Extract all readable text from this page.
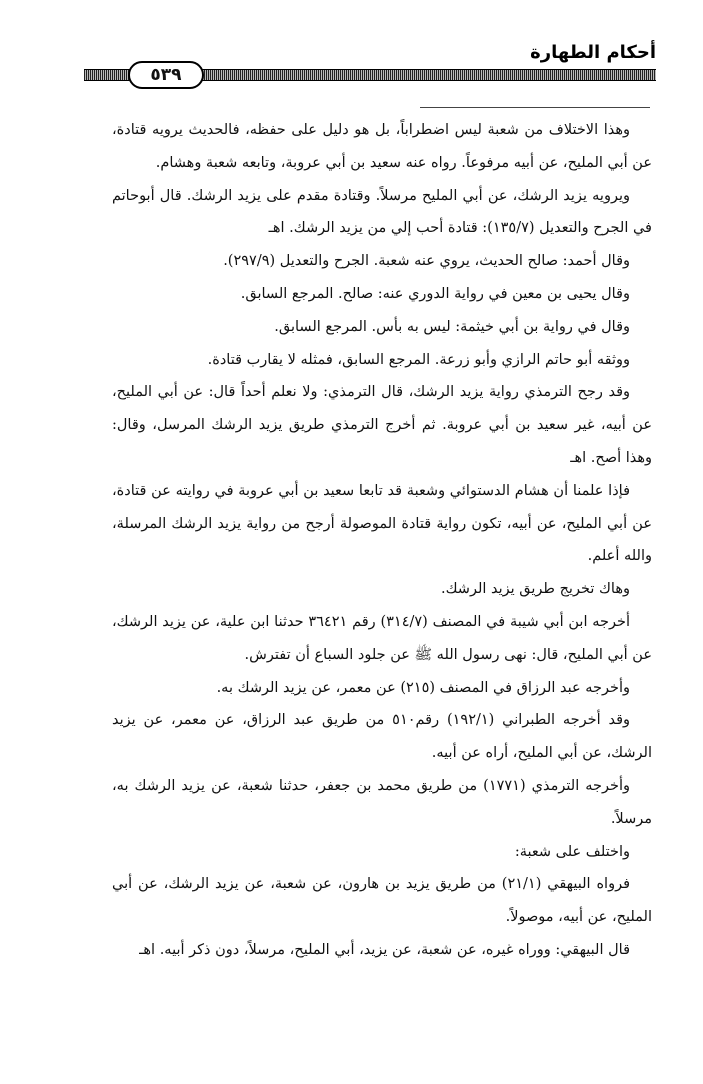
أحكام الطهارة
٥٣٩

وهذا الاختلاف من شعبة ليس اضطراباً، بل هو دليل على حفظه، فالحديث يرويه قتادة، عن أبي المليح، عن أبيه مرفوعاً. رواه عنه سعيد بن أبي عروبة، وتابعه شعبة وهشام.

ويرويه يزيد الرشك، عن أبي المليح مرسلاً. وقتادة مقدم على يزيد الرشك. قال أبوحاتم في الجرح والتعديل (١٣٥/٧): قتادة أحب إلي من يزيد الرشك. اهـ

وقال أحمد: صالح الحديث، يروي عنه شعبة. الجرح والتعديل (٢٩٧/٩).

وقال يحيى بن معين في رواية الدوري عنه: صالح. المرجع السابق.

وقال في رواية بن أبي خيثمة: ليس به بأس. المرجع السابق.

ووثقه أبو حاتم الرازي وأبو زرعة. المرجع السابق، فمثله لا يقارب قتادة.

وقد رجح الترمذي رواية يزيد الرشك، قال الترمذي: ولا نعلم أحداً قال: عن أبي المليح، عن أبيه، غير سعيد بن أبي عروبة. ثم أخرج الترمذي طريق يزيد الرشك المرسل، وقال: وهذا أصح. اهـ

فإذا علمنا أن هشام الدستوائي وشعبة قد تابعا سعيد بن أبي عروبة في روايته عن قتادة، عن أبي المليح، عن أبيه، تكون رواية قتادة الموصولة أرجح من رواية يزيد الرشك المرسلة، والله أعلم.

وهاك تخريج طريق يزيد الرشك.

أخرجه ابن أبي شيبة في المصنف (٣١٤/٧) رقم ٣٦٤٢١ حدثنا ابن علية، عن يزيد الرشك، عن أبي المليح، قال: نهى رسول الله ﷺ عن جلود السباع أن تفترش.

وأخرجه عبد الرزاق في المصنف (٢١٥) عن معمر، عن يزيد الرشك به.

وقد أخرجه الطبراني (١٩٢/١) رقم٥١٠ من طريق عبد الرزاق، عن معمر، عن يزيد الرشك، عن أبي المليح، أراه عن أبيه.

وأخرجه الترمذي (١٧٧١) من طريق محمد بن جعفر، حدثنا شعبة، عن يزيد الرشك به، مرسلاً.

واختلف على شعبة:

فرواه البيهقي (٢١/١) من طريق يزيد بن هارون، عن شعبة، عن يزيد الرشك، عن أبي المليح، عن أبيه، موصولاً.

قال البيهقي: ووراه غيره، عن شعبة، عن يزيد، أبي المليح، مرسلاً، دون ذكر أبيه. اهـ
